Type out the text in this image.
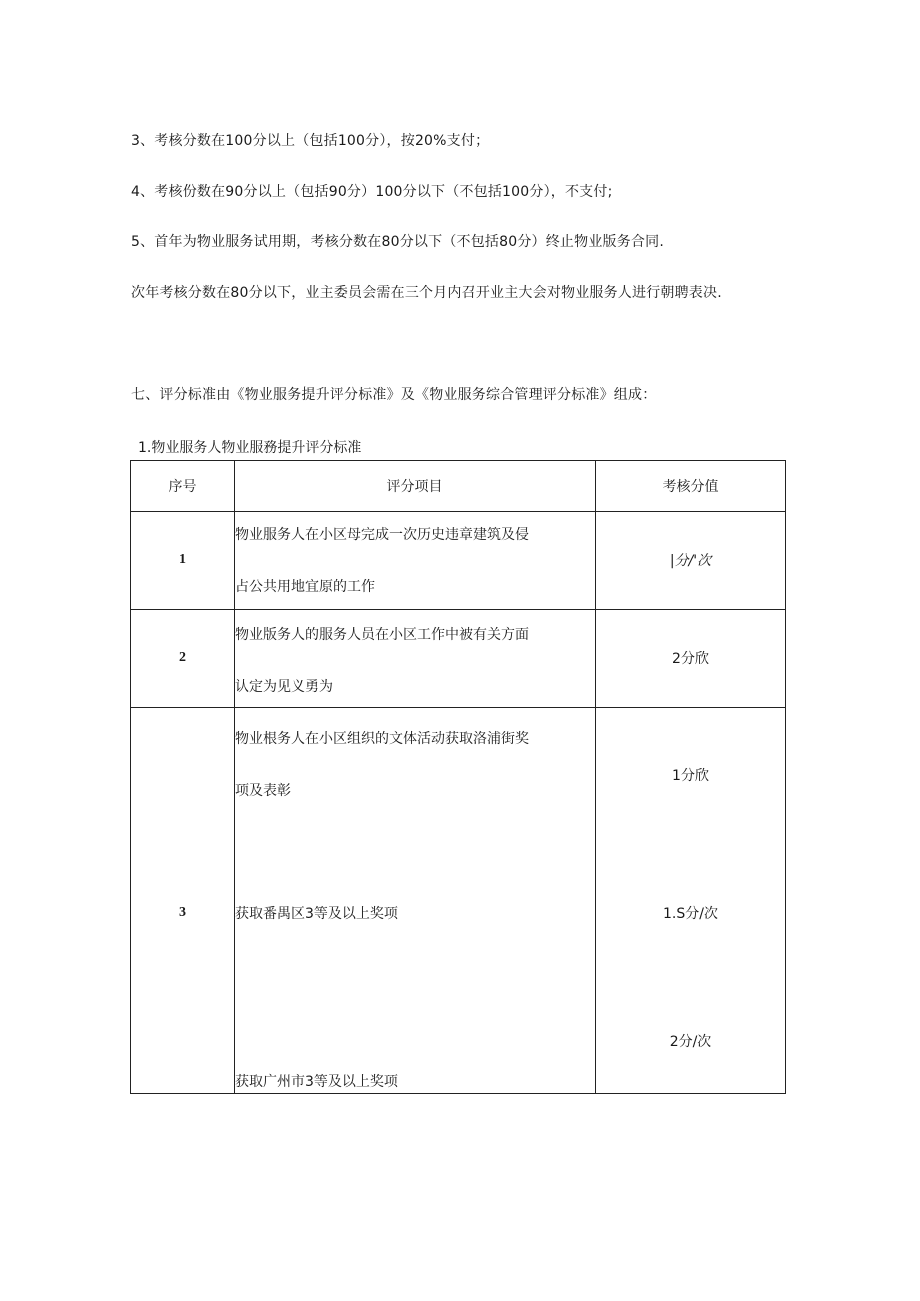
3、考核分数在100分以上（包括100分），按20%支付；
4、考核份数在90分以上（包括90分）100分以下（不包括100分），不支付;
5、首年为物业服务试用期，考核分数在80分以下（不包括80分）终止物业版务合同.
次年考核分数在80分以下，业主委员会需在三个月内召开业主大会对物业服务人进行朝聘表决.
七、评分标准由《物业服务提升评分标准》及《物业服务综合管理评分标准》组成：
1.物业服务人物业服務提升评分标准
序号	评分项目	考核分值
1
物业服务人在小区母完成一次历史违章建筑及侵
占公共用地宜原的工作
|分/'次
2
物业版务人的服务人员在小区工作中被有关方面
认定为见义勇为
2分欣
3
物业根务人在小区组织的文体活动获取洛浦街奖
项及表彰
获取番禺区3等及以上奖项
获取广州市3等及以上奖项
1分欣
1.S分/次
2分/次
